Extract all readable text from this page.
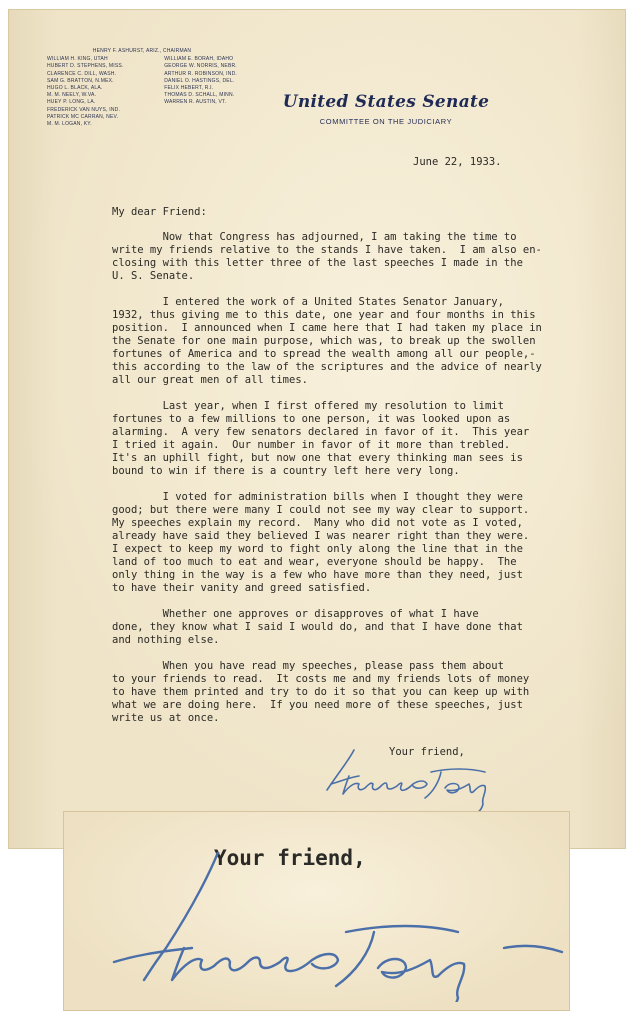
HENRY F. ASHURST, ARIZ., CHAIRMAN
WILLIAM H. KING, UTAH
HUBERT D. STEPHENS, MISS.
CLARENCE C. DILL, WASH.
SAM G. BRATTON, N.MEX.
HUGO L. BLACK, ALA.
M. M. NEELY, W.VA.
HUEY P. LONG, LA.
FREDERICK VAN NUYS, IND.
PATRICK MC CARRAN, NEV.
M. M. LOGAN, KY.
WILLIAM E. BORAH, IDAHO
GEORGE W. NORRIS, NEBR.
ARTHUR R. ROBINSON, IND.
DANIEL O. HASTINGS, DEL.
FELIX HEBERT, R.I.
THOMAS D. SCHALL, MINN.
WARREN R. AUSTIN, VT.	United States Senate
COMMITTEE ON THE JUDICIARY
June 22, 1933.
My dear Friend:
Now that Congress has adjourned, I am taking the time to
write my friends relative to the stands I have taken.  I am also en-
closing with this letter three of the last speeches I made in the
U. S. Senate.
I entered the work of a United States Senator January,
1932, thus giving me to this date, one year and four months in this
position.  I announced when I came here that I had taken my place in
the Senate for one main purpose, which was, to break up the swollen
fortunes of America and to spread the wealth among all our people,-
this according to the law of the scriptures and the advice of nearly
all our great men of all times.
Last year, when I first offered my resolution to limit
fortunes to a few millions to one person, it was looked upon as
alarming.  A very few senators declared in favor of it.  This year
I tried it again.  Our number in favor of it more than trebled.
It's an uphill fight, but now one that every thinking man sees is
bound to win if there is a country left here very long.
I voted for administration bills when I thought they were
good; but there were many I could not see my way clear to support.
My speeches explain my record.  Many who did not vote as I voted,
already have said they believed I was nearer right than they were.
I expect to keep my word to fight only along the line that in the
land of too much to eat and wear, everyone should be happy.  The
only thing in the way is a few who have more than they need, just
to have their vanity and greed satisfied.
Whether one approves or disapproves of what I have
done, they know what I said I would do, and that I have done that
and nothing else.
When you have read my speeches, please pass them about
to your friends to read.  It costs me and my friends lots of money
to have them printed and try to do it so that you can keep up with
what we are doing here.  If you need more of these speeches, just
write us at once.
Your friend,
Your friend,
